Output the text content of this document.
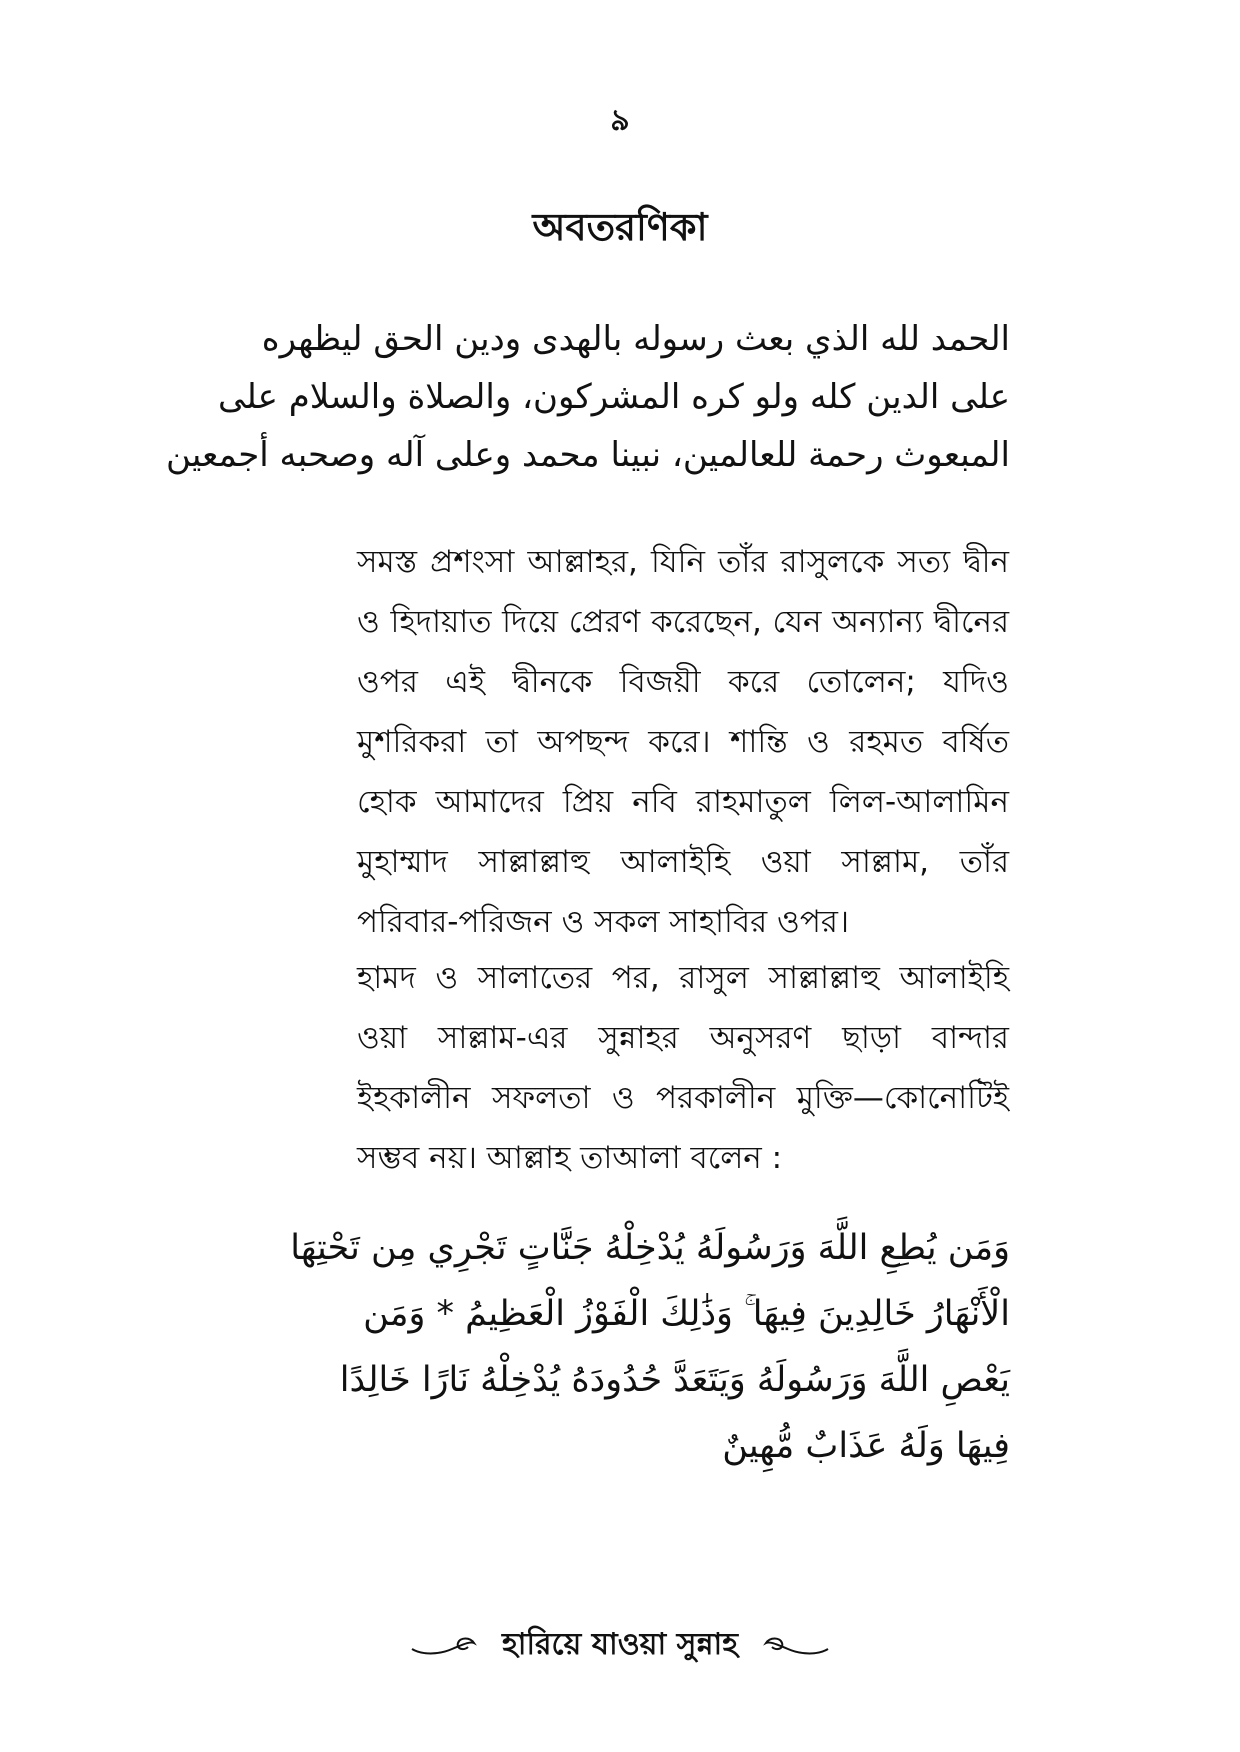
৯
অবতরণিকা
الحمد لله الذي بعث رسوله بالهدى ودين الحق ليظهره
على الدين كله ولو كره المشركون، والصلاة والسلام على
المبعوث رحمة للعالمين، نبينا محمد وعلى آله وصحبه أجمعين

সমস্ত প্রশংসা আল্লাহর, যিনি তাঁর রাসুলকে সত্য দ্বীন ও হিদায়াত দিয়ে প্রেরণ করেছেন, যেন অন্যান্য দ্বীনের ওপর এই দ্বীনকে বিজয়ী করে তোলেন; যদিও মুশরিকরা তা অপছন্দ করে। শান্তি ও রহমত বর্ষিত হোক আমাদের প্রিয় নবি রাহমাতুল লিল-আলামিন মুহাম্মাদ সাল্লাল্লাহু আলাইহি ওয়া সাল্লাম, তাঁর পরিবার-পরিজন ও সকল সাহাবির ওপর।

হামদ ও সালাতের পর, রাসুল সাল্লাল্লাহু আলাইহি ওয়া সাল্লাম-এর সুন্নাহর অনুসরণ ছাড়া বান্দার ইহকালীন সফলতা ও পরকালীন মুক্তি—কোনোটিই সম্ভব নয়। আল্লাহ তাআলা বলেন :

وَمَن يُطِعِ اللَّهَ وَرَسُولَهُ يُدْخِلْهُ جَنَّاتٍ تَجْرِي مِن تَحْتِهَا
الْأَنْهَارُ خَالِدِينَ فِيهَا ۚ وَذَٰلِكَ الْفَوْزُ الْعَظِيمُ * وَمَن
يَعْصِ اللَّهَ وَرَسُولَهُ وَيَتَعَدَّ حُدُودَهُ يُدْخِلْهُ نَارًا خَالِدًا
فِيهَا وَلَهُ عَذَابٌ مُّهِينٌ
হারিয়ে যাওয়া সুন্নাহ
